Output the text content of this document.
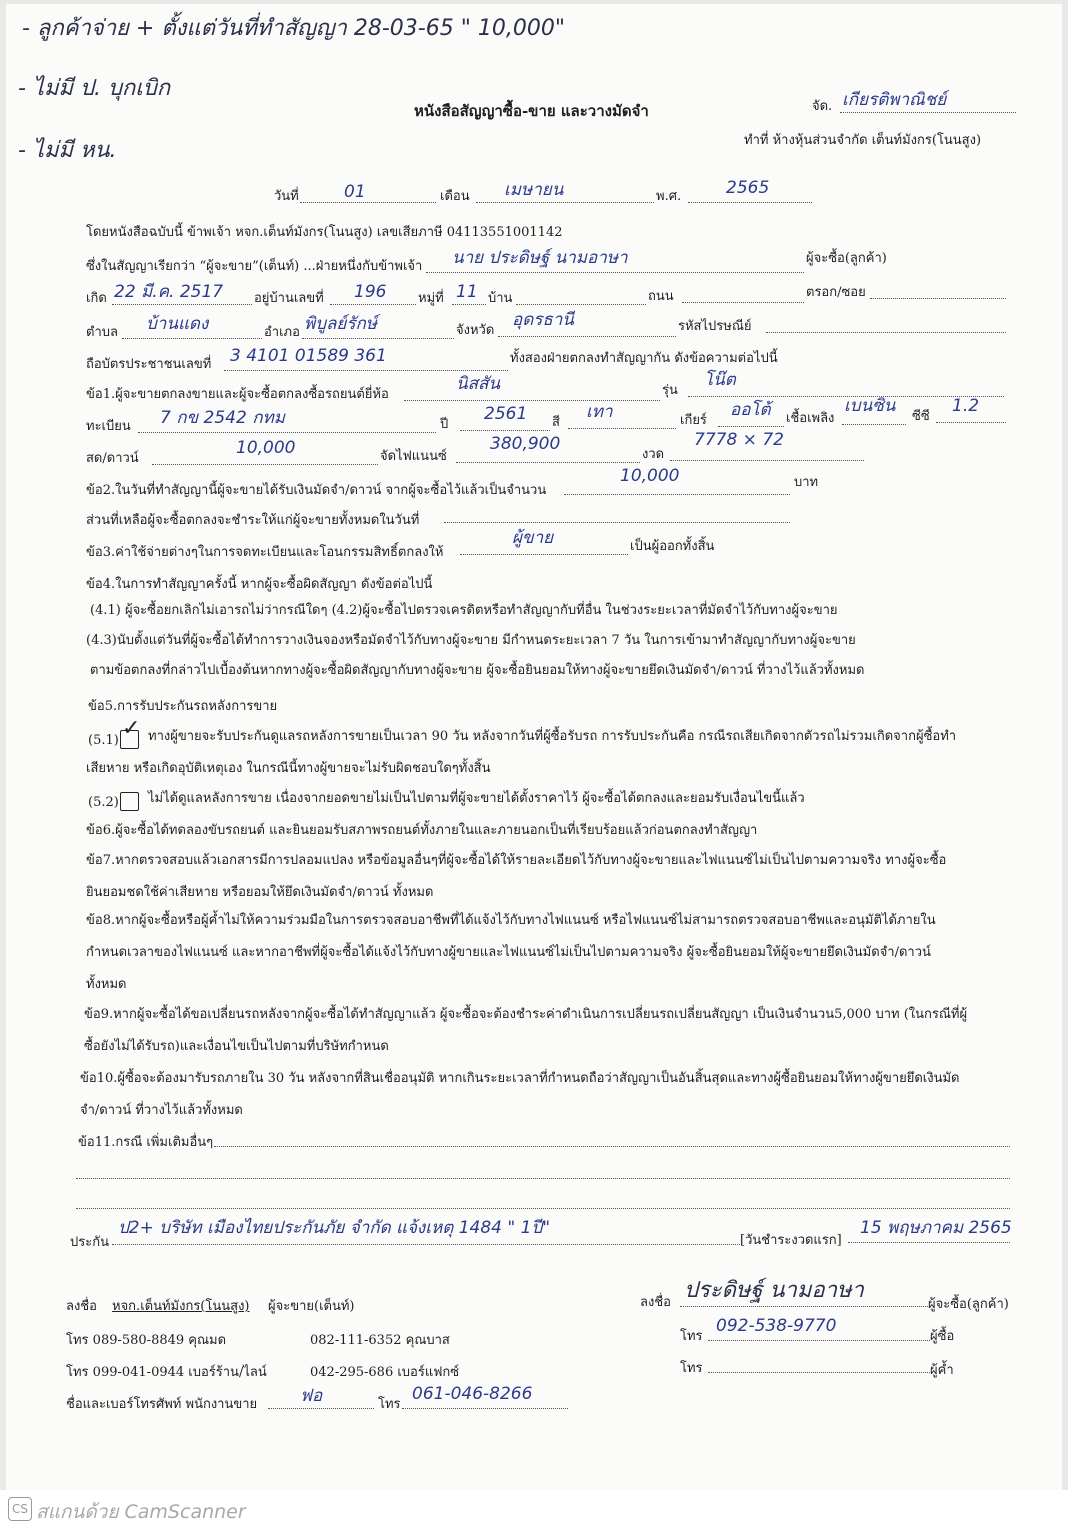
- ลูกค้าจ่าย + ตั้งแต่วันที่ทำสัญญา 28-03-65 " 10,000"
- ไม่มี ป. บุกเบิก
- ไม่มี หน.
หนังสือสัญญาซื้อ-ขาย และวางมัดจำ	จัด. เกียรติพาณิชย์
ทำที่ ห้างหุ้นส่วนจำกัด เต็นท์มังกร(โนนสูง)
วันที่	01	เดือน เมษายน	พ.ศ.	2565
โดยหนังสือฉบับนี้ ข้าพเจ้า หจก.เต็นท์มังกร(โนนสูง) เลขเสียภาษี 0411355100114​2
ซึ่งในสัญญาเรียกว่า “ผู้จะขาย”(เต็นท์) ...ฝ่ายหนึ่งกับข้าพเจ้า นาย ประดิษฐ์ นามอาษา	ผู้จะซื้อ(ลูกค้า)
เกิด 22 มี.ค. 2517 อยู่บ้านเลขที่ 196 หมู่ที่ 11 บ้าน	ถนน	ตรอก/ซอย
ตำบล บ้านแดง	อำเภอ พิบูลย์รักษ์	จังหวัด
อุดรธานี	รหัสไปรษณีย์
ถือบัตรประชาชนเลขที่ 3 4101 01589 361	ทั้งสองฝ่ายตกลงทำสัญญากัน ดังข้อความต่อไปนี้
ข้อ1.ผู้จะขายตกลงขายและผู้จะซื้อตกลงซื้อรถยนต์ยี่ห้อ
นิสสัน	รุ่น
โน๊ต
ทะเบียน 7 กข 2542 กทม	ปี
2561 สี
เทา	เกียร์
ออโต้ เชื้อเพลิง
เบนซิน
ซีซี
1.2
สด/ดาวน์
10,000	จัดไฟแนนซ์
380,900
งวด
7778 × 72
ข้อ2.ในวันที่ทำสัญญานี้ผู้จะขายได้รับเงินมัดจำ/ดาวน์ จากผู้จะซื้อไว้แล้วเป็นจำนวน
10,000	บาท
ส่วนที่เหลือผู้จะซื้อตกลงจะชำระให้แก่ผู้จะขายทั้งหมดในวันที่
ข้อ3.ค่าใช้จ่ายต่างๆในการจดทะเบียนและโอนกรรมสิทธิ์ตกลงให้
ผู้ขาย	เป็นผู้ออกทั้งสิ้น
ข้อ4.ในการทำสัญญาครั้งนี้ หากผู้จะซื้อผิดสัญญา ดังข้อต่อไปนี้
(4.1) ผู้จะซื้อยกเลิกไม่เอารถไม่ว่ากรณีใดๆ (4.2)ผู้จะซื้อไปตรวจเครดิตหรือทำสัญญากับที่อื่น ในช่วงระยะเวลาที่มัดจำไว้กับทางผู้จะขาย
(4.3)นับตั้งแต่วันที่ผู้จะซื้อได้ทำการวางเงินจองหรือมัดจำไว้กับทางผู้จะขาย มีกำหนดระยะเวลา 7 วัน ในการเข้ามาทำสัญญากับทางผู้จะขาย
ตามข้อตกลงที่กล่าวไปเบื้องต้นหากทางผู้จะซื้อผิดสัญญากับทางผู้จะขาย ผู้จะซื้อยินยอมให้ทางผู้จะขายยึดเงินมัดจำ/ดาวน์ ที่วางไว้แล้วทั้งหมด
ข้อ5.การรับประกันรถหลังการขาย
(5.1) ✓ ทางผู้ขายจะรับประกันดูแลรถหลังการขายเป็นเวลา 90 วัน หลังจากวันที่ผู้ซื้อรับรถ การรับประกันคือ กรณีรถเสียเกิดจากตัวรถไม่รวมเกิดจากผู้ซื้อทำ
เสียหาย หรือเกิดอุบัติเหตุเอง ในกรณีนี้ทางผู้ขายจะไม่รับผิดชอบใดๆทั้งสิ้น
(5.2) ไม่ได้ดูแลหลังการขาย เนื่องจากยอดขายไม่เป็นไปตามที่ผู้จะขายได้ตั้งราคาไว้ ผู้จะซื้อได้ตกลงและยอมรับเงื่อนไขนี้แล้ว
ข้อ6.ผู้จะซื้อได้ทดลองขับรถยนต์ และยินยอมรับสภาพรถยนต์ทั้งภายในและภายนอกเป็นที่เรียบร้อยแล้วก่อนตกลงทำสัญญา
ข้อ7.หากตรวจสอบแล้วเอกสารมีการปลอมแปลง หรือข้อมูลอื่นๆที่ผู้จะซื้อได้ให้รายละเอียดไว้กับทางผู้จะขายและไฟแนนซ์ไม่เป็นไปตามความจริง ทางผู้จะซื้อ
ยินยอมชดใช้ค่าเสียหาย หรือยอมให้ยึดเงินมัดจำ/ดาวน์ ทั้งหมด
ข้อ8.หากผู้จะซื้อหรือผู้ค้ำไม่ให้ความร่วมมือในการตรวจสอบอาชีพที่ได้แจ้งไว้กับทางไฟแนนซ์ หรือไฟแนนซ์ไม่สามารถตรวจสอบอาชีพและอนุมัติได้ภายใน
กำหนดเวลาของไฟแนนซ์ และหากอาชีพที่ผู้จะซื้อได้แจ้งไว้กับทางผู้ขายและไฟแนนซ์ไม่เป็นไปตามความจริง ผู้จะซื้อยินยอมให้ผู้จะขายยึดเงินมัดจำ/ดาวน์
ทั้งหมด
ข้อ9.หากผู้จะซื้อได้ขอเปลี่ยนรถหลังจากผู้จะซื้อได้ทำสัญญาแล้ว ผู้จะซื้อจะต้องชำระค่าดำเนินการเปลี่ยนรถเปลี่ยนสัญญา เป็นเงินจำนวน5,000 บาท (ในกรณีที่ผู้
ซื้อยังไม่ได้รับรถ)และเงื่อนไขเป็นไปตามที่บริษัทกำหนด
ข้อ10.ผู้ซื้อจะต้องมารับรถภายใน 30 วัน หลังจากที่สินเชื่ออนุมัติ หากเกินระยะเวลาที่กำหนดถือว่าสัญญาเป็นอันสิ้นสุดและทางผู้ซื้อยินยอมให้ทางผู้ขายยึดเงินมัด
จำ/ดาวน์ ที่วางไว้แล้วทั้งหมด
ข้อ11.กรณี เพิ่มเติมอื่นๆ
ประกัน
ป2+ บริษัท เมืองไทยประกันภัย จำกัด แจ้งเหตุ 1484 " 1ปี"
[วันชำระงวดแรก]
15 พฤษภาคม 2565
ลงชื่อ หจก.เต็นท์มังกร(โนนสูง) ผู้จะขาย(เต็นท์)
โทร 089-580-8849 คุณมด	082-111-6352 คุณบาส
โทร 099-041-0944 เบอร์ร้าน/ไลน์	042-295-686 เบอร์แฟกซ์
ชื่อและเบอร์โทรศัพท์ พนักงานขาย	ฟอ	โทร
061-046-8266
ลงชื่อ ประดิษฐ์ นามอาษา
ผู้จะซื้อ(ลูกค้า)
โทร
092-538-9770
ผู้ซื้อ
โทร	ผู้ค้ำ
CS สแกนด้วย CamScanner
